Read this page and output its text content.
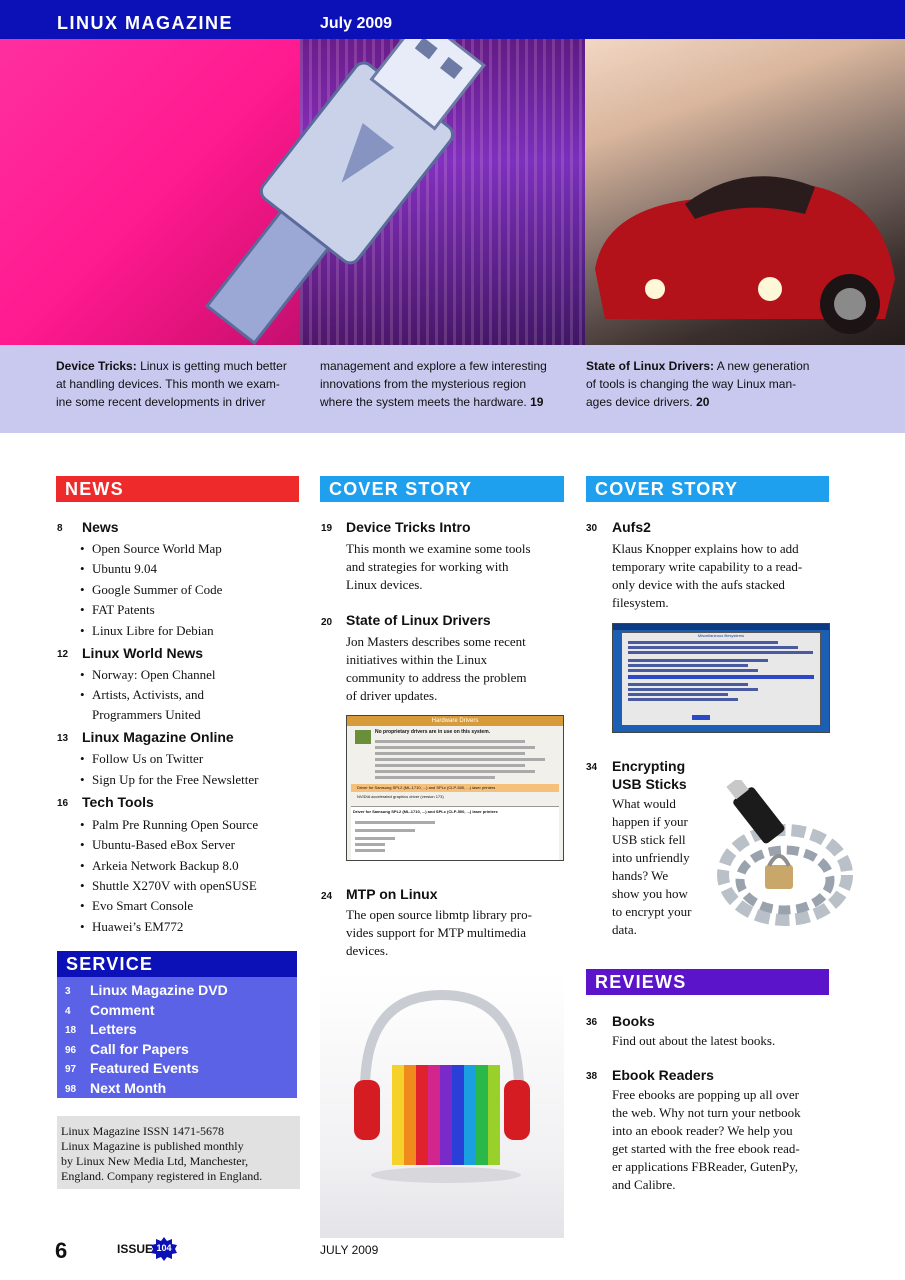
LINUX MAGAZINE	July 2009
Device Tricks: Linux is getting much better
at handling devices. This month we exam-
ine some recent developments in driver
management and explore a few interesting
innovations from the mysterious region
where the system meets the hardware. 19
State of Linux Drivers: A new generation
of tools is changing the way Linux man-
ages device drivers. 20
NEWS
8 News
• Open Source World Map
• Ubuntu 9.04
• Google Summer of Code
• FAT Patents
• Linux Libre for Debian
12 Linux World News
• Norway: Open Channel
• Artists, Activists, and
Programmers United
13 Linux Magazine Online
• Follow Us on Twitter
• Sign Up for the Free Newsletter
16 Tech Tools
• Palm Pre Running Open Source
• Ubuntu-Based eBox Server
• Arkeia Network Backup 8.0
• Shuttle X270V with openSUSE
• Evo Smart Console
• Huawei’s EM772
SERVICE
3 Linux Magazine DVD
4 Comment
18 Letters
96 Call for Papers
97 Featured Events
98 Next Month
Linux Magazine ISSN 1471-5678
Linux Magazine is published monthly
by Linux New Media Ltd, Manchester,
England. Company registered in England.
COVER STORY
19 Device Tricks Intro
This month we examine some tools
and strategies for working with
Linux devices.
20 State of Linux Drivers
Jon Masters describes some recent
initiatives within the Linux
community to address the problem
of driver updates.
Hardware Drivers
No proprietary drivers are in use on this system.
Driver for Samsung SPL2 (ML-1710, ...) and SPLc (CLP-500, ...) laser printers
NVIDIA accelerated graphics driver (version 173)
Driver for Samsung SPL2 (ML-1710, ...) and SPLc (CLP-500, ...) laser printers
24 MTP on Linux
The open source libmtp library pro-
vides support for MTP multimedia
devices.
COVER STORY
30 Aufs2
Klaus Knopper explains how to add
temporary write capability to a read-
only device with the aufs stacked
filesystem.
Miscellaneous filesystems
34 Encrypting
USB Sticks
What would
happen if your
USB stick fell
into unfriendly
hands? We
show you how
to encrypt your
data.
REVIEWS
36 Books
Find out about the latest books.
38 Ebook Readers
Free ebooks are popping up all over
the web. Why not turn your netbook
into an ebook reader? We help you
get started with the free ebook read-
er applications FBReader, GutenPy,
and Calibre.
6	ISSUE 104	JULY 2009
